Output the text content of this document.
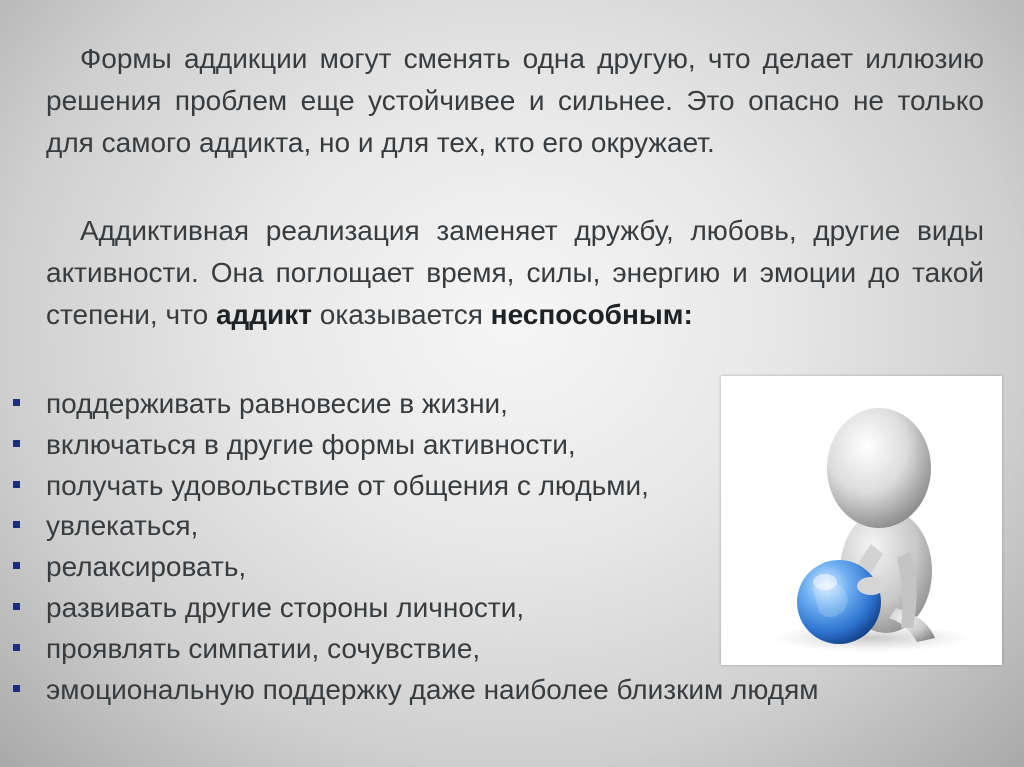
Формы аддикции могут сменять одна другую, что делает иллюзию решения проблем еще устойчивее и сильнее. Это опасно не только для самого аддикта, но и для тех, кто его окружает.

Аддиктивная реализация заменяет дружбу, любовь, другие виды активности. Она поглощает время, силы, энергию и эмоции до такой степени, что аддикт оказывается неспособным:

поддерживать равновесие в жизни,
включаться в другие формы активности,
получать удовольствие от общения с людьми,
увлекаться,
релаксировать,
развивать другие стороны личности,
проявлять симпатии, сочувствие,
эмоциональную поддержку даже наиболее близким людям
